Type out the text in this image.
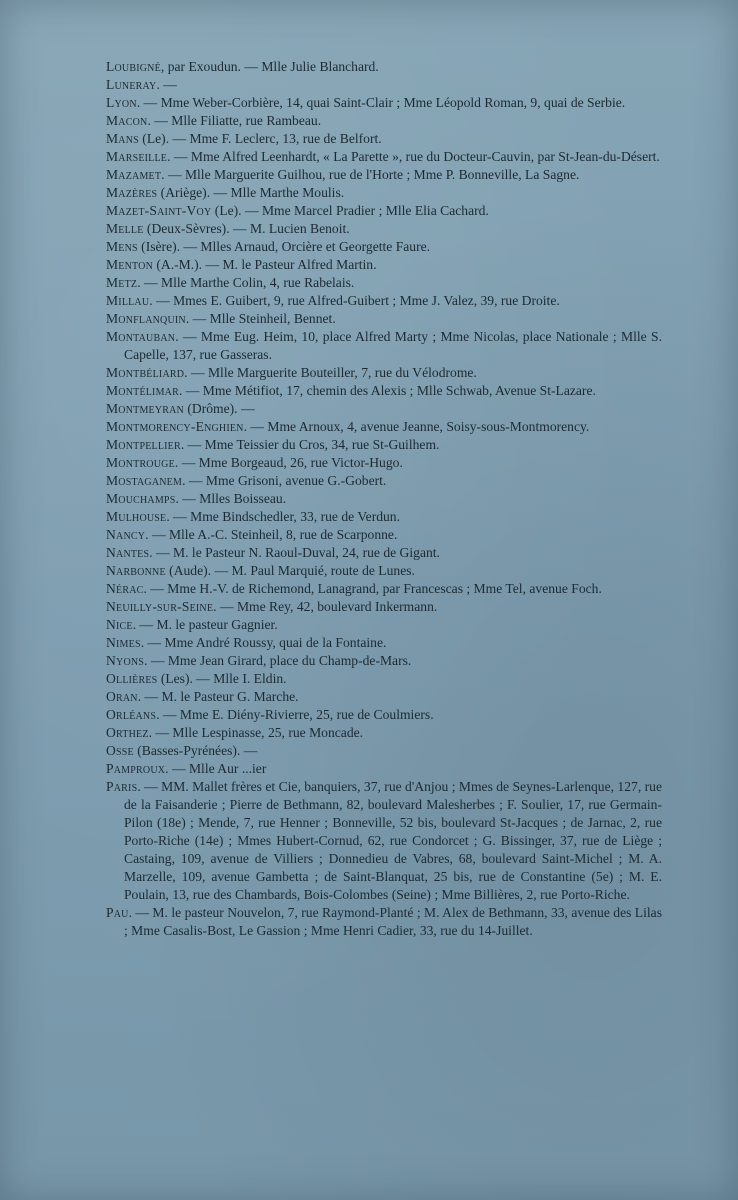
Loubigné, par Exoudun. — Mlle Julie Blanchard.

Luneray. —

Lyon. — Mme Weber-Corbière, 14, quai Saint-Clair ; Mme Léopold Roman, 9, quai de Serbie.

Macon. — Mlle Filiatte, rue Rambeau.

Mans (Le). — Mme F. Leclerc, 13, rue de Belfort.

Marseille. — Mme Alfred Leenhardt, « La Parette », rue du Docteur-Cauvin, par St-Jean-du-Désert.

Mazamet. — Mlle Marguerite Guilhou, rue de l'Horte ; Mme P. Bonneville, La Sagne.

Mazères (Ariège). — Mlle Marthe Moulis.

Mazet-Saint-Voy (Le). — Mme Marcel Pradier ; Mlle Elia Cachard.

Melle (Deux-Sèvres). — M. Lucien Benoit.

Mens (Isère). — Mlles Arnaud, Orcière et Georgette Faure.

Menton (A.-M.). — M. le Pasteur Alfred Martin.

Metz. — Mlle Marthe Colin, 4, rue Rabelais.

Millau. — Mmes E. Guibert, 9, rue Alfred-Guibert ; Mme J. Valez, 39, rue Droite.

Monflanquin. — Mlle Steinheil, Bennet.

Montauban. — Mme Eug. Heim, 10, place Alfred Marty ; Mme Nicolas, place Nationale ; Mlle S. Capelle, 137, rue Gasseras.

Montbéliard. — Mlle Marguerite Bouteiller, 7, rue du Vélodrome.

Montélimar. — Mme Métifiot, 17, chemin des Alexis ; Mlle Schwab, Avenue St-Lazare.

Montmeyran (Drôme). —

Montmorency-Enghien. — Mme Arnoux, 4, avenue Jeanne, Soisy-sous-Montmorency.

Montpellier. — Mme Teissier du Cros, 34, rue St-Guilhem.

Montrouge. — Mme Borgeaud, 26, rue Victor-Hugo.

Mostaganem. — Mme Grisoni, avenue G.-Gobert.

Mouchamps. — Mlles Boisseau.

Mulhouse. — Mme Bindschedler, 33, rue de Verdun.

Nancy. — Mlle A.-C. Steinheil, 8, rue de Scarponne.

Nantes. — M. le Pasteur N. Raoul-Duval, 24, rue de Gigant.

Narbonne (Aude). — M. Paul Marquié, route de Lunes.

Nérac. — Mme H.-V. de Richemond, Lanagrand, par Francescas ; Mme Tel, avenue Foch.

Neuilly-sur-Seine. — Mme Rey, 42, boulevard Inkermann.

Nice. — M. le pasteur Gagnier.

Nimes. — Mme André Roussy, quai de la Fontaine.

Nyons. — Mme Jean Girard, place du Champ-de-Mars.

Ollières (Les). — Mlle I. Eldin.

Oran. — M. le Pasteur G. Marche.

Orléans. — Mme E. Diény-Rivierre, 25, rue de Coulmiers.

Orthez. — Mlle Lespinasse, 25, rue Moncade.

Osse (Basses-Pyrénées). —

Pamproux. — Mlle Aur ...ier

Paris. — MM. Mallet frères et Cie, banquiers, 37, rue d'Anjou ; Mmes de Seynes-Larlenque, 127, rue de la Faisanderie ; Pierre de Bethmann, 82, boulevard Malesherbes ; F. Soulier, 17, rue Germain-Pilon (18e) ; Mende, 7, rue Henner ; Bonneville, 52 bis, boulevard St-Jacques ; de Jarnac, 2, rue Porto-Riche (14e) ; Mmes Hubert-Cornud, 62, rue Condorcet ; G. Bissinger, 37, rue de Liège ; Castaing, 109, avenue de Villiers ; Donnedieu de Vabres, 68, boulevard Saint-Michel ; M. A. Marzelle, 109, avenue Gambetta ; de Saint-Blanquat, 25 bis, rue de Constantine (5e) ; M. E. Poulain, 13, rue des Chambards, Bois-Colombes (Seine) ; Mme Billières, 2, rue Porto-Riche.

Pau. — M. le pasteur Nouvelon, 7, rue Raymond-Planté ; M. Alex de Bethmann, 33, avenue des Lilas ; Mme Casalis-Bost, Le Gassion ; Mme Henri Cadier, 33, rue du 14-Juillet.
